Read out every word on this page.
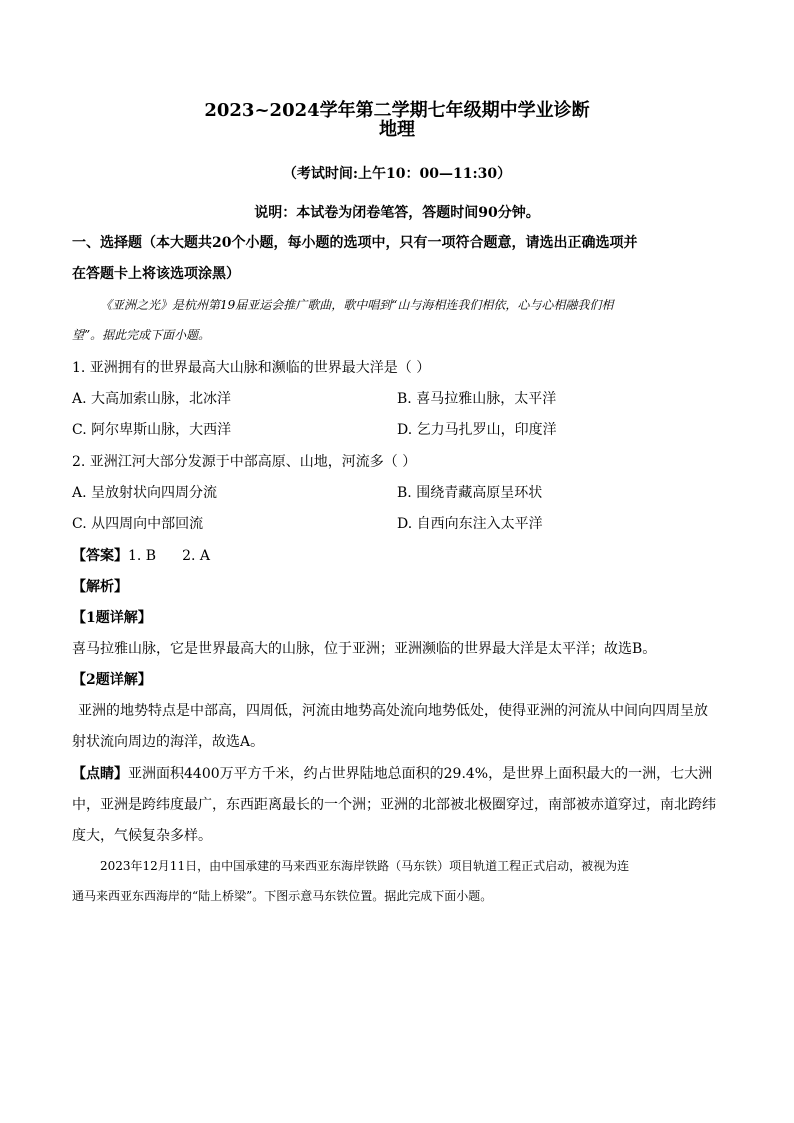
2023~2024学年第二学期七年级期中学业诊断
地理
（考试时间:上午10：00—11:30）
说明：本试卷为闭卷笔答，答题时间90分钟。
一、选择题（本大题共20个小题，每小题的选项中，只有一项符合题意，请选出正确选项并
在答题卡上将该选项涂黑）
《亚洲之光》是杭州第19届亚运会推广歌曲，歌中唱到“山与海相连我们相依，心与心相融我们相
望”。据此完成下面小题。
1. 亚洲拥有的世界最高大山脉和濒临的世界最大洋是（ ）
A. 大高加索山脉，北冰洋	B. 喜马拉雅山脉，太平洋
C. 阿尔卑斯山脉，大西洋	D. 乞力马扎罗山，印度洋
2. 亚洲江河大部分发源于中部高原、山地，河流多（ ）
A. 呈放射状向四周分流	B. 围绕青藏高原呈环状
C. 从四周向中部回流	D. 自西向东注入太平洋
【答案】1. B 2. A
【解析】
【1题详解】
喜马拉雅山脉，它是世界最高大的山脉，位于亚洲；亚洲濒临的世界最大洋是太平洋；故选B。
【2题详解】
亚洲的地势特点是中部高，四周低，河流由地势高处流向地势低处，使得亚洲的河流从中间向四周呈放
射状流向周边的海洋，故选A。
【点睛】亚洲面积4400万平方千米，约占世界陆地总面积的29.4%，是世界上面积最大的一洲，七大洲
中，亚洲是跨纬度最广，东西距离最长的一个洲；亚洲的北部被北极圈穿过，南部被赤道穿过，南北跨纬
度大，气候复杂多样。
2023年12月11日，由中国承建的马来西亚东海岸铁路（马东铁）项目轨道工程正式启动，被视为连
通马来西亚东西海岸的“陆上桥梁”。下图示意马东铁位置。据此完成下面小题。
